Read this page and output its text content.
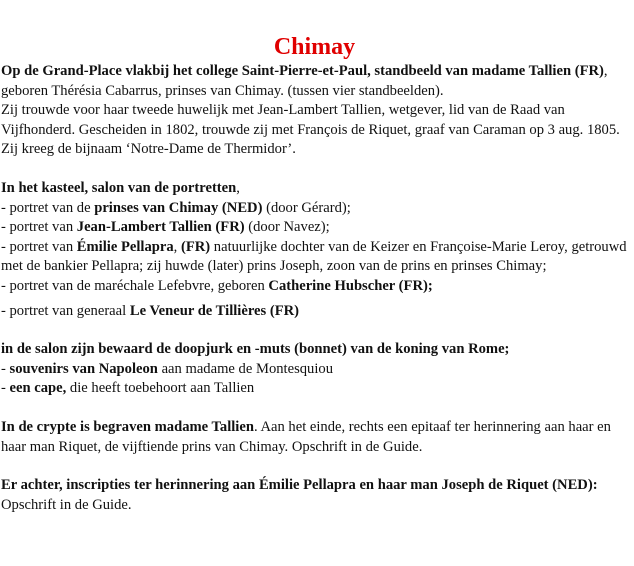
Chimay

Op de Grand-Place vlakbij het college Saint-Pierre-et-Paul, standbeeld van madame Tallien (FR), geboren Thérésia Cabarrus, prinses van Chimay. (tussen vier standbeelden).
Zij trouwde voor haar tweede huwelijk met Jean-Lambert Tallien, wetgever, lid van de Raad van Vijfhonderd. Gescheiden in 1802, trouwde zij met François de Riquet, graaf van Caraman op 3 aug. 1805. Zij kreeg de bijnaam ‘Notre-Dame de Thermidor’.

In het kasteel, salon van de portretten,
- portret van de prinses van Chimay (NED) (door Gérard);
- portret van Jean-Lambert Tallien (FR) (door Navez);
- portret van Émilie Pellapra, (FR) natuurlijke dochter van de Keizer en Françoise-Marie Leroy, getrouwd met de bankier Pellapra; zij huwde (later) prins Joseph, zoon van de prins en prinses Chimay;
- portret van de maréchale Lefebvre, geboren Catherine Hubscher (FR);

- portret van generaal Le Veneur de Tillières (FR)

in de salon zijn bewaard de doopjurk en -muts (bonnet) van de koning van Rome;
- souvenirs van Napoleon aan madame de Montesquiou
- een cape, die heeft toebehoort aan Tallien

In de crypte is begraven madame Tallien. Aan het einde, rechts een epitaaf ter herinnering aan haar en haar man Riquet, de vijftiende prins van Chimay. Opschrift in de Guide.

Er achter, inscripties ter herinnering aan Émilie Pellapra en haar man Joseph de Riquet (NED): Opschrift in de Guide.
